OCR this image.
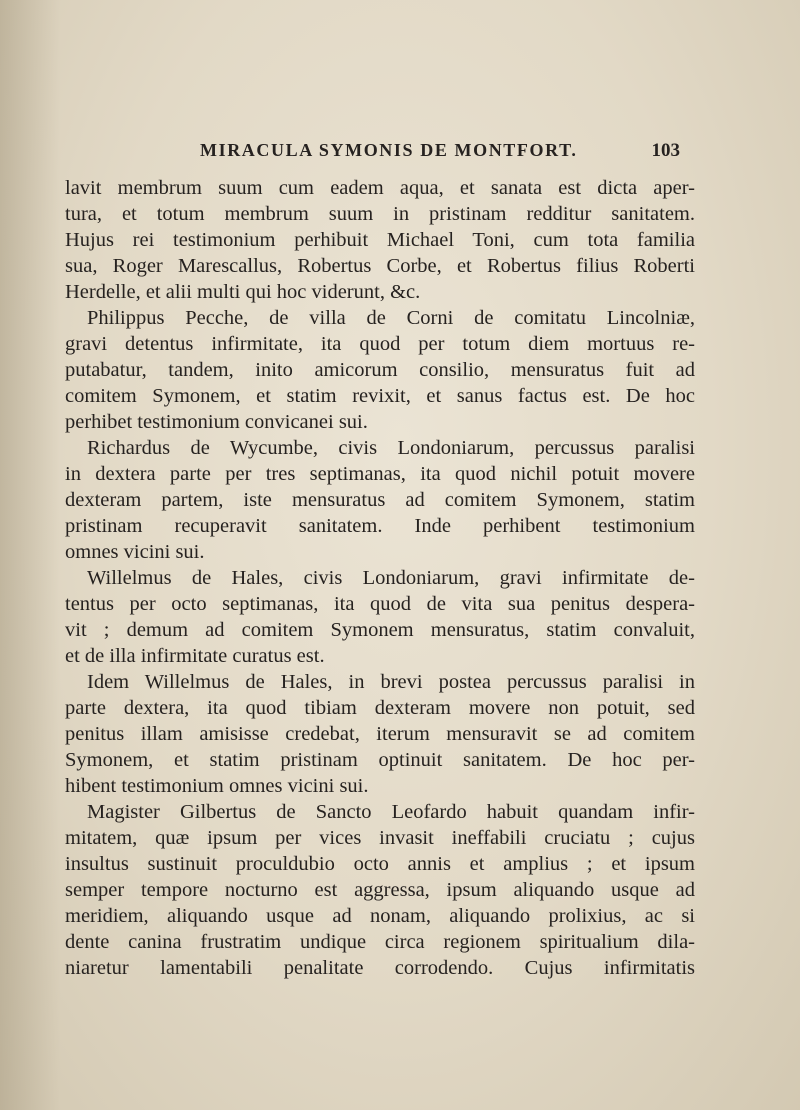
MIRACULA SYMONIS DE MONTFORT.	103
lavit membrum suum cum eadem aqua, et sanata est dicta aper-
tura, et totum membrum suum in pristinam redditur sanitatem.
Hujus rei testimonium perhibuit Michael Toni, cum tota familia
sua, Roger Marescallus, Robertus Corbe, et Robertus filius Roberti
Herdelle, et alii multi qui hoc viderunt, &c.
Philippus Pecche, de villa de Corni de comitatu Lincolniæ,
gravi detentus infirmitate, ita quod per totum diem mortuus re-
putabatur, tandem, inito amicorum consilio, mensuratus fuit ad
comitem Symonem, et statim revixit, et sanus factus est. De hoc
perhibet testimonium convicanei sui.
Richardus de Wycumbe, civis Londoniarum, percussus paralisi
in dextera parte per tres septimanas, ita quod nichil potuit movere
dexteram partem, iste mensuratus ad comitem Symonem, statim
pristinam recuperavit sanitatem. Inde perhibent testimonium
omnes vicini sui.
Willelmus de Hales, civis Londoniarum, gravi infirmitate de-
tentus per octo septimanas, ita quod de vita sua penitus despera-
vit ; demum ad comitem Symonem mensuratus, statim convaluit,
et de illa infirmitate curatus est.
Idem Willelmus de Hales, in brevi postea percussus paralisi in
parte dextera, ita quod tibiam dexteram movere non potuit, sed
penitus illam amisisse credebat, iterum mensuravit se ad comitem
Symonem, et statim pristinam optinuit sanitatem. De hoc per-
hibent testimonium omnes vicini sui.
Magister Gilbertus de Sancto Leofardo habuit quandam infir-
mitatem, quæ ipsum per vices invasit ineffabili cruciatu ; cujus
insultus sustinuit proculdubio octo annis et amplius ; et ipsum
semper tempore nocturno est aggressa, ipsum aliquando usque ad
meridiem, aliquando usque ad nonam, aliquando prolixius, ac si
dente canina frustratim undique circa regionem spiritualium dila-
niaretur lamentabili penalitate corrodendo. Cujus infirmitatis
